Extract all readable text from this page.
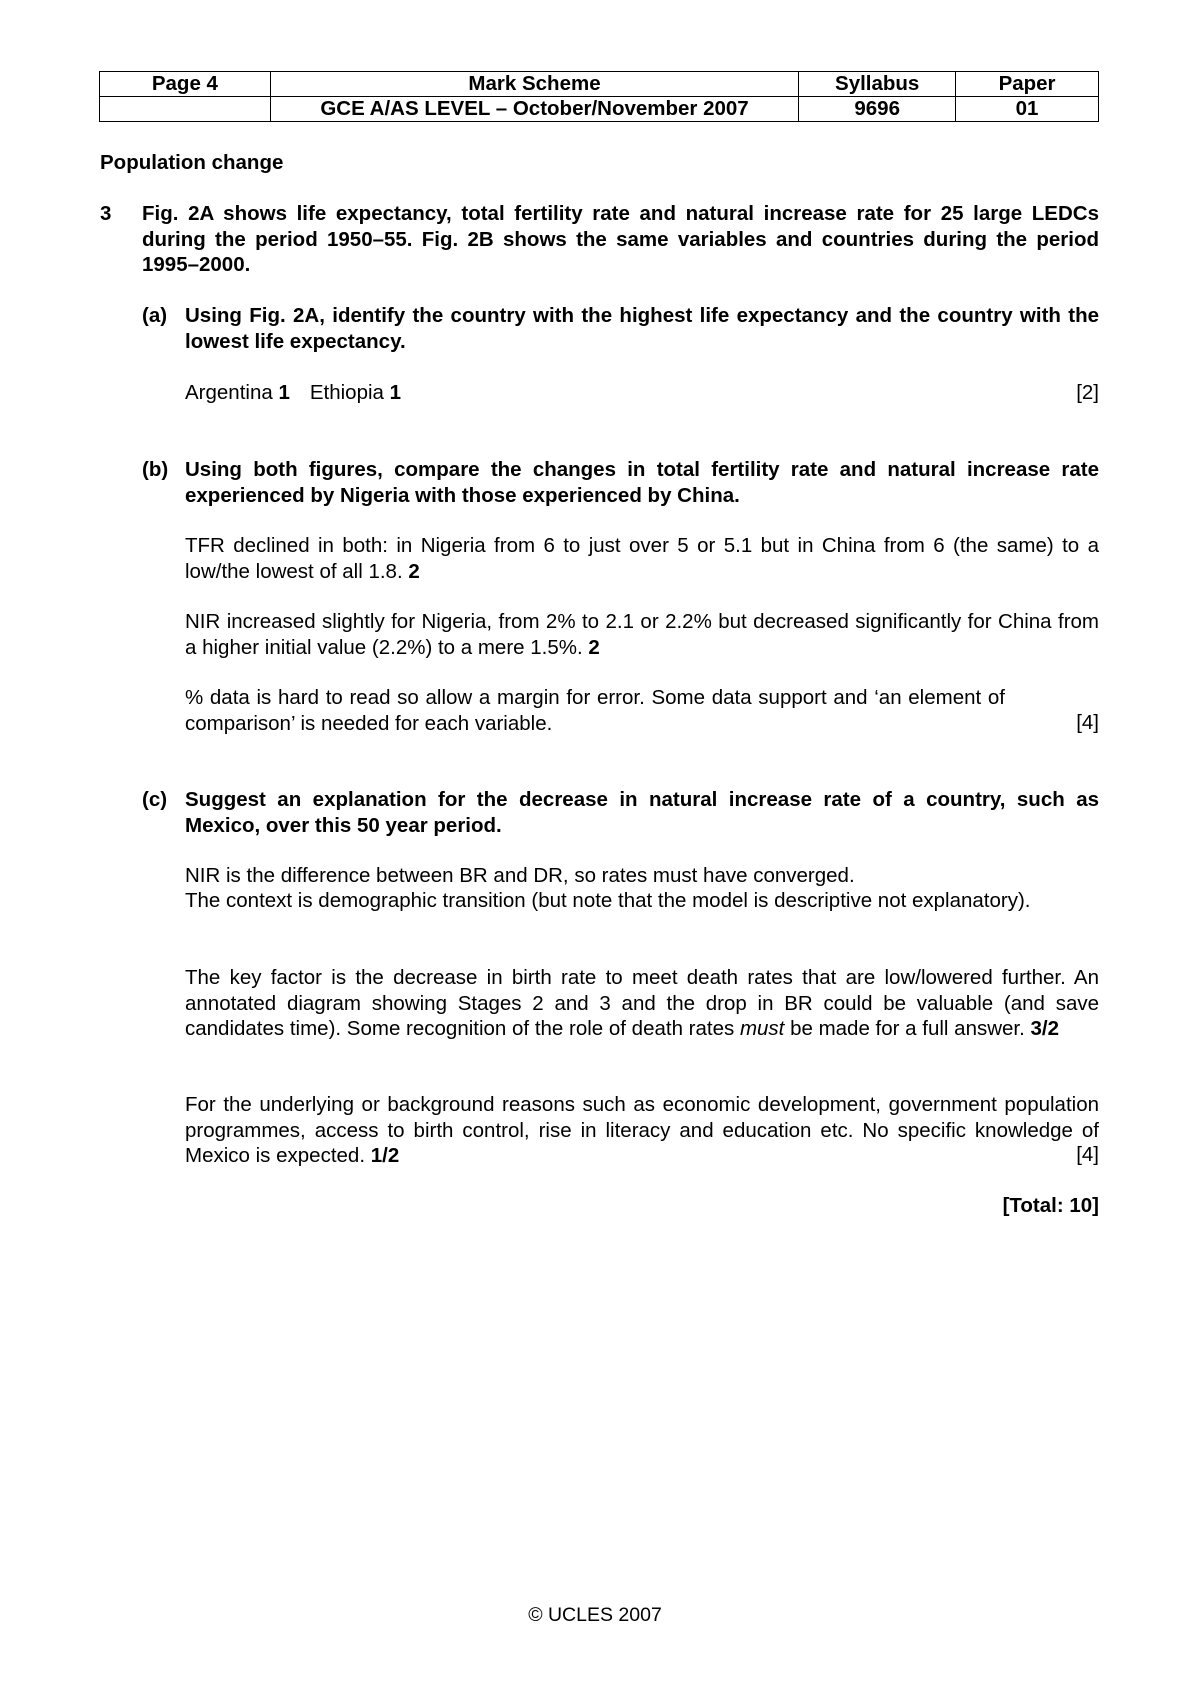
Page 4	Mark Scheme	Syllabus	Paper
	GCE A/AS LEVEL – October/November 2007	9696	01
Population change
3 Fig. 2A shows life expectancy, total fertility rate and natural increase rate for 25 large LEDCs during the period 1950–55. Fig. 2B shows the same variables and countries during the period 1995–2000.
(a) Using Fig. 2A, identify the country with the highest life expectancy and the country with the lowest life expectancy.
Argentina 1 Ethiopia 1	[2]
(b) Using both figures, compare the changes in total fertility rate and natural increase rate experienced by Nigeria with those experienced by China.
TFR declined in both: in Nigeria from 6 to just over 5 or 5.1 but in China from 6 (the same) to a low/the lowest of all 1.8. 2
NIR increased slightly for Nigeria, from 2% to 2.1 or 2.2% but decreased significantly for China from a higher initial value (2.2%) to a mere 1.5%. 2
% data is hard to read so allow a margin for error. Some data support and ‘an element of comparison’ is needed for each variable.	[4]
(c) Suggest an explanation for the decrease in natural increase rate of a country, such as Mexico, over this 50 year period.
NIR is the difference between BR and DR, so rates must have converged.
The context is demographic transition (but note that the model is descriptive not explanatory).
The key factor is the decrease in birth rate to meet death rates that are low/lowered further. An annotated diagram showing Stages 2 and 3 and the drop in BR could be valuable (and save candidates time). Some recognition of the role of death rates must be made for a full answer. 3/2
For the underlying or background reasons such as economic development, government population programmes, access to birth control, rise in literacy and education etc. No specific knowledge of Mexico is expected. 1/2	[4]
[Total: 10]
© UCLES 2007
